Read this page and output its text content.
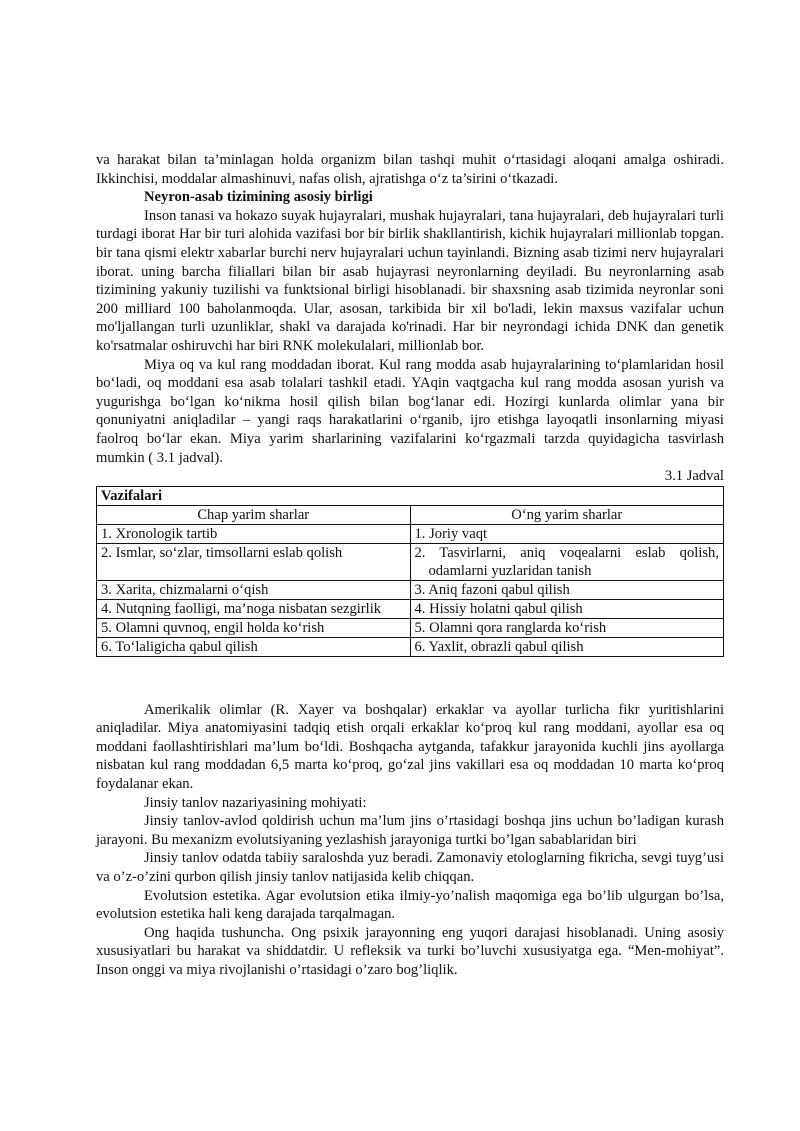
va harakat bilan ta’minlagan holda organizm bilan tashqi muhit o‘rtasidagi aloqani amalga oshiradi. Ikkinchisi, moddalar almashinuvi, nafas olish, ajratishga o‘z ta’sirini o‘tkazadi.

Neyron-asab tizimining asosiy birligi

Inson tanasi va hokazo suyak hujayralari, mushak hujayralari, tana hujayralari, deb hujayralari turli turdagi iborat Har bir turi alohida vazifasi bor bir birlik shakllantirish, kichik hujayralari millionlab topgan. bir tana qismi elektr xabarlar burchi nerv hujayralari uchun tayinlandi. Bizning asab tizimi nerv hujayralari iborat. uning barcha filiallari bilan bir asab hujayrasi neyronlarning deyiladi. Bu neyronlarning asab tizimining yakuniy tuzilishi va funktsional birligi hisoblanadi. bir shaxsning asab tizimida neyronlar soni 200 milliard 100 baholanmoqda. Ular, asosan, tarkibida bir xil bo'ladi, lekin maxsus vazifalar uchun mo'ljallangan turli uzunliklar, shakl va darajada ko'rinadi. Har bir neyrondagi ichida DNK dan genetik ko'rsatmalar oshiruvchi har biri RNK molekulalari, millionlab bor.

Miya oq va kul rang moddadan iborat. Kul rang modda asab hujayralarining to‘plamlaridan hosil bo‘ladi, oq moddani esa asab tolalari tashkil etadi. YAqin vaqtgacha kul rang modda asosan yurish va yugurishga bo‘lgan ko‘nikma hosil qilish bilan bog‘lanar edi. Hozirgi kunlarda olimlar yana bir qonuniyatni aniqladilar – yangi raqs harakatlarini o‘rganib, ijro etishga layoqatli insonlarning miyasi faolroq bo‘lar ekan. Miya yarim sharlarining vazifalarini ko‘rgazmali tarzda quyidagicha tasvirlash mumkin ( 3.1 jadval).

3.1 Jadval

Vazifalari	
Chap yarim sharlar	O‘ng yarim sharlar

1. Xronologik tartib	1. Joriy vaqt

2. Ismlar, so‘zlar, timsollarni eslab qolish	2. Tasvirlarni, aniq voqealarni eslab qolish, odamlarni yuzlaridan tanish

3. Xarita, chizmalarni o‘qish	3. Aniq fazoni qabul qilish

4. Nutqning faolligi, ma’noga nisbatan sezgirlik	4. Hissiy holatni qabul qilish

5. Olamni quvnoq, engil holda ko‘rish	5. Olamni qora ranglarda ko‘rish

6. To‘laligicha qabul qilish	6. Yaxlit, obrazli qabul qilish

Amerikalik olimlar (R. Xayer va boshqalar) erkaklar va ayollar turlicha fikr yuritishlarini aniqladilar. Miya anatomiyasini tadqiq etish orqali erkaklar ko‘proq kul rang moddani, ayollar esa oq moddani faollashtirishlari ma’lum bo‘ldi. Boshqacha aytganda, tafakkur jarayonida kuchli jins ayollarga nisbatan kul rang moddadan 6,5 marta ko‘proq, go‘zal jins vakillari esa oq moddadan 10 marta ko‘proq foydalanar ekan.

Jinsiy tanlov nazariyasining mohiyati:

Jinsiy tanlov-avlod qoldirish uchun ma’lum jins o’rtasidagi boshqa jins uchun bo’ladigan kurash jarayoni. Bu mexanizm evolutsiyaning yezlashish jarayoniga turtki bo’lgan sabablaridan biri

Jinsiy tanlov odatda tabiiy saraloshda yuz beradi. Zamonaviy etologlarning fikricha, sevgi tuyg’usi va o’z-o’zini qurbon qilish jinsiy tanlov natijasida kelib chiqqan.

Evolutsion estetika. Agar evolutsion etika ilmiy-yo’nalish maqomiga ega bo’lib ulgurgan bo’lsa, evolutsion estetika hali keng darajada tarqalmagan.

Ong haqida tushuncha. Ong psixik jarayonning eng yuqori darajasi hisoblanadi. Uning asosiy xususiyatlari bu harakat va shiddatdir. U refleksik va turki bo’luvchi xususiyatga ega. “Men-mohiyat”. Inson onggi va miya rivojlanishi o’rtasidagi o’zaro bog’liqlik.
